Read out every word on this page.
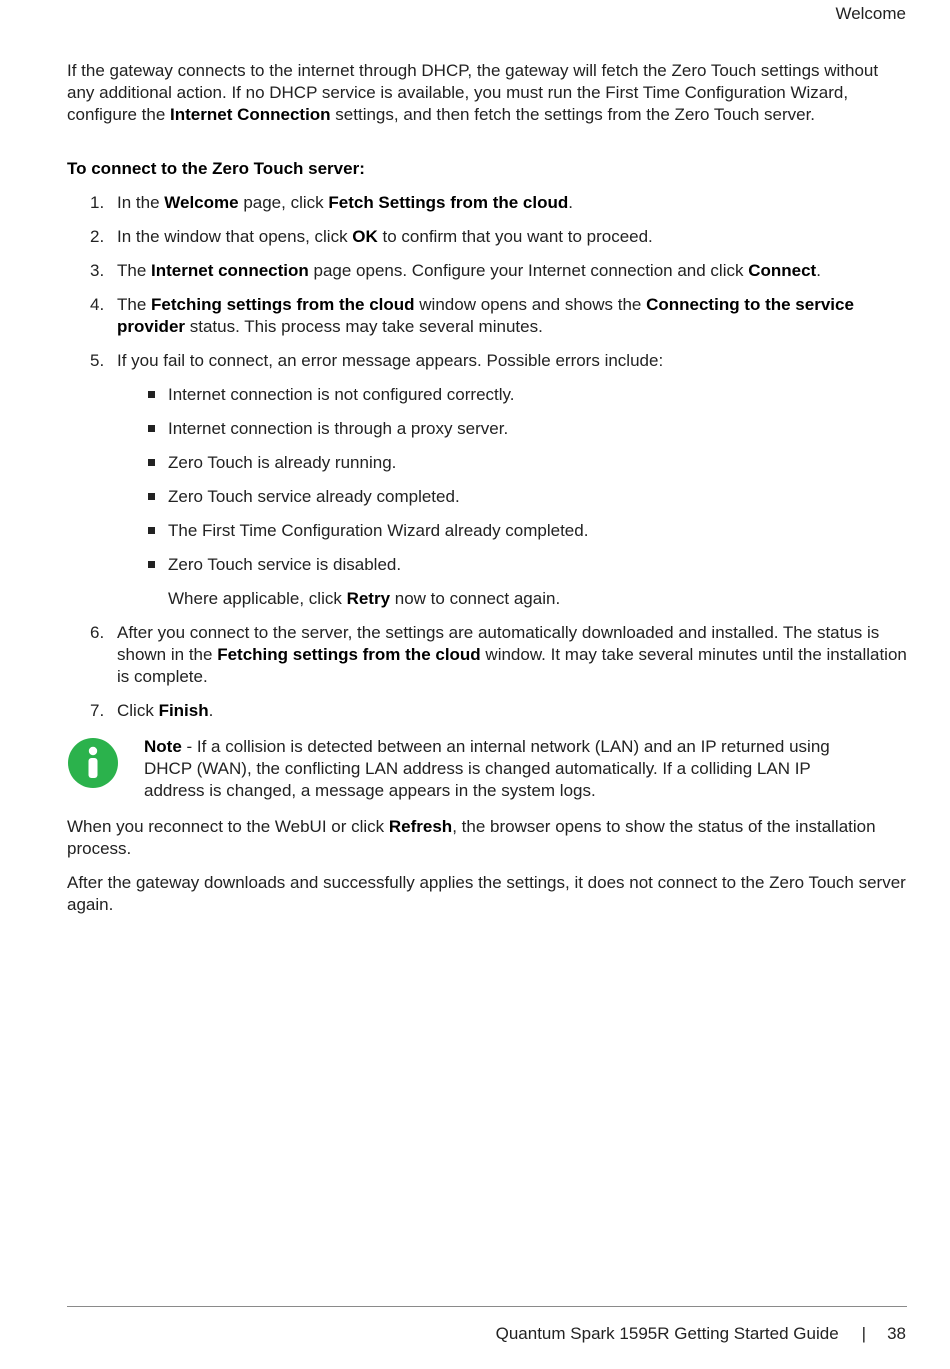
Welcome

If the gateway connects to the internet through DHCP, the gateway will fetch the Zero Touch settings without any additional action. If no DHCP service is available, you must run the First Time Configuration Wizard, configure the Internet Connection settings, and then fetch the settings from the Zero Touch server.

To connect to the Zero Touch server:

1. In the Welcome page, click Fetch Settings from the cloud.
2. In the window that opens, click OK to confirm that you want to proceed.
3. The Internet connection page opens. Configure your Internet connection and click Connect.
4. The Fetching settings from the cloud window opens and shows the Connecting to the service provider status. This process may take several minutes.
5. If you fail to connect, an error message appears. Possible errors include:
Internet connection is not configured correctly.
Internet connection is through a proxy server.
Zero Touch is already running.
Zero Touch service already completed.
The First Time Configuration Wizard already completed.
Zero Touch service is disabled.

Where applicable, click Retry now to connect again.

6. After you connect to the server, the settings are automatically downloaded and installed. The status is shown in the Fetching settings from the cloud window. It may take several minutes until the installation is complete.
7. Click Finish.

Note - If a collision is detected between an internal network (LAN) and an IP returned using DHCP (WAN), the conflicting LAN address is changed automatically. If a colliding LAN IP address is changed, a message appears in the system logs.

When you reconnect to the WebUI or click Refresh, the browser opens to show the status of the installation process.

After the gateway downloads and successfully applies the settings, it does not connect to the Zero Touch server again.

Quantum Spark 1595R Getting Started Guide | 38
